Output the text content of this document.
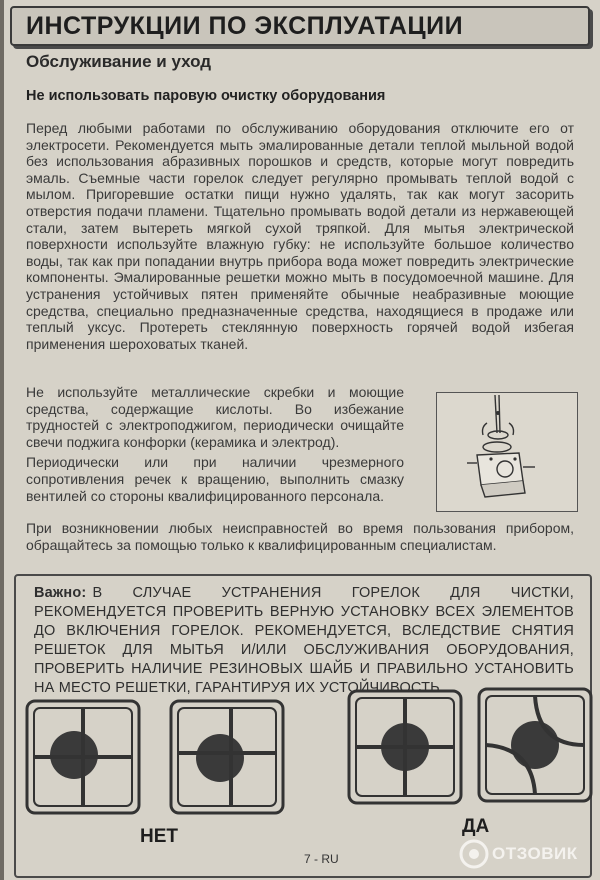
ИНСТРУКЦИИ ПО ЭКСПЛУАТАЦИИ
Обслуживание и уход
Не использовать паровую очистку оборудования

Перед любыми работами по обслуживанию оборудования отключите его от электросети. Рекомендуется мыть эмалированные детали теплой мыльной водой без использования абразивных порошков и средств, которые могут повредить эмаль. Съемные части горелок следует регулярно промывать теплой водой с мылом. Пригоревшие остатки пищи нужно удалять, так как могут засорить отверстия подачи пламени. Тщательно промывать водой детали из нержавеющей стали, затем вытереть мягкой сухой тряпкой. Для мытья электрической поверхности используйте влажную губку: не используйте большое количество воды, так как при попадании внутрь прибора вода может повредить электрические компоненты. Эмалированные решетки можно мыть в посудомоечной машине. Для устранения устойчивых пятен применяйте обычные неабразивные моющие средства, специально предназначенные средства, находящиеся в продаже или теплый уксус. Протереть стеклянную поверхность горячей водой избегая применения шероховатых тканей.

Не используйте металлические скребки и моющие средства, содержащие кислоты. Во избежание трудностей с электроподжигом, периодически очищайте свечи поджига конфорки (керамика и электрод).

Периодически или при наличии чрезмерного сопротивления речек к вращению, выполнить смазку вентилей со стороны квалифицированного персонала.

При возникновении любых неисправностей во время пользования прибором, обращайтесь за помощью только к квалифицированным специалистам.

Важно: В СЛУЧАЕ УСТРАНЕНИЯ ГОРЕЛОК ДЛЯ ЧИСТКИ, РЕКОМЕНДУЕТСЯ ПРОВЕРИТЬ ВЕРНУЮ УСТАНОВКУ ВСЕХ ЭЛЕМЕНТОВ ДО ВКЛЮЧЕНИЯ ГОРЕЛОК. РЕКОМЕНДУЕТСЯ, ВСЛЕДСТВИЕ СНЯТИЯ РЕШЕТОК ДЛЯ МЫТЬЯ И/ИЛИ ОБСЛУЖИВАНИЯ ОБОРУДОВАНИЯ, ПРОВЕРИТЬ НАЛИЧИЕ РЕЗИНОВЫХ ШАЙБ И ПРАВИЛЬНО УСТАНОВИТЬ НА МЕСТО РЕШЕТКИ, ГАРАНТИРУЯ ИХ УСТОЙЧИВОСТЬ.
НЕТ	ДА
7 - RU	ОТЗОВИК
